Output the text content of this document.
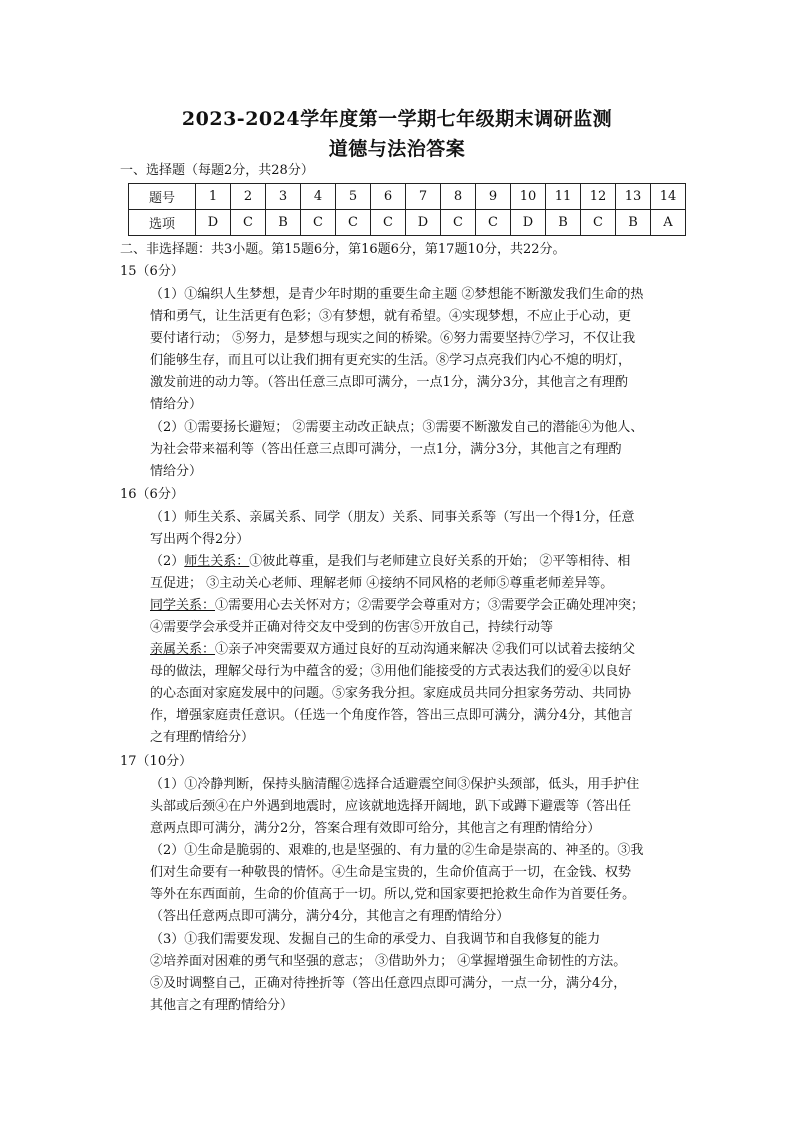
2023-2024学年度第一学期七年级期末调研监测
道德与法治答案
一、选择题（每题2分，共28分）
题号	1	2	3	4	5	6	7	8	9	10	11	12	13	14
选项	D	C	B	C	C	C	D	C	C	D	B	C	B	A
二、非选择题：共3小题。第15题6分，第16题6分，第17题10分，共22分。
15（6分）
（1）①编织人生梦想，是青少年时期的重要生命主题 ②梦想能不断激发我们生命的热
情和勇气，让生活更有色彩；③有梦想，就有希望。④实现梦想，不应止于心动，更
要付诸行动； ⑤努力，是梦想与现实之间的桥梁。⑥努力需要坚持⑦学习，不仅让我
们能够生存，而且可以让我们拥有更充实的生活。⑧学习点亮我们内心不熄的明灯，
激发前进的动力等。（答出任意三点即可满分，一点1分，满分3分，其他言之有理酌
情给分）
（2）①需要扬长避短； ②需要主动改正缺点；③需要不断激发自己的潜能④为他人、
为社会带来福利等（答出任意三点即可满分，一点1分，满分3分，其他言之有理酌
情给分）
16（6分）
（1）师生关系、亲属关系、同学（朋友）关系、同事关系等（写出一个得1分，任意
写出两个得2分）
（2）师生关系：①彼此尊重，是我们与老师建立良好关系的开始； ②平等相待、相
互促进； ③主动关心老师、理解老师 ④接纳不同风格的老师⑤尊重老师差异等。
同学关系：①需要用心去关怀对方；②需要学会尊重对方；③需要学会正确处理冲突；
④需要学会承受并正确对待交友中受到的伤害⑤开放自己，持续行动等
亲属关系：①亲子冲突需要双方通过良好的互动沟通来解决 ②我们可以试着去接纳父
母的做法，理解父母行为中蕴含的爱；③用他们能接受的方式表达我们的爱④以良好
的心态面对家庭发展中的问题。⑤家务我分担。家庭成员共同分担家务劳动、共同协
作，增强家庭责任意识。（任选一个角度作答，答出三点即可满分，满分4分，其他言
之有理酌情给分）
17（10分）
（1）①冷静判断，保持头脑清醒②选择合适避震空间③保护头颈部，低头，用手护住
头部或后颈④在户外遇到地震时，应该就地选择开阔地，趴下或蹲下避震等（答出任
意两点即可满分，满分2分，答案合理有效即可给分，其他言之有理酌情给分）
（2）①生命是脆弱的、艰难的,也是坚强的、有力量的②生命是崇高的、神圣的。③我
们对生命要有一种敬畏的情怀。④生命是宝贵的，生命价值高于一切，在金钱、权势
等外在东西面前，生命的价值高于一切。所以,党和国家要把抢救生命作为首要任务。
（答出任意两点即可满分，满分4分，其他言之有理酌情给分）
（3）①我们需要发现、发掘自己的生命的承受力、自我调节和自我修复的能力
②培养面对困难的勇气和坚强的意志； ③借助外力； ④掌握增强生命韧性的方法。
⑤及时调整自己，正确对待挫折等（答出任意四点即可满分，一点一分，满分4分，
其他言之有理酌情给分）
